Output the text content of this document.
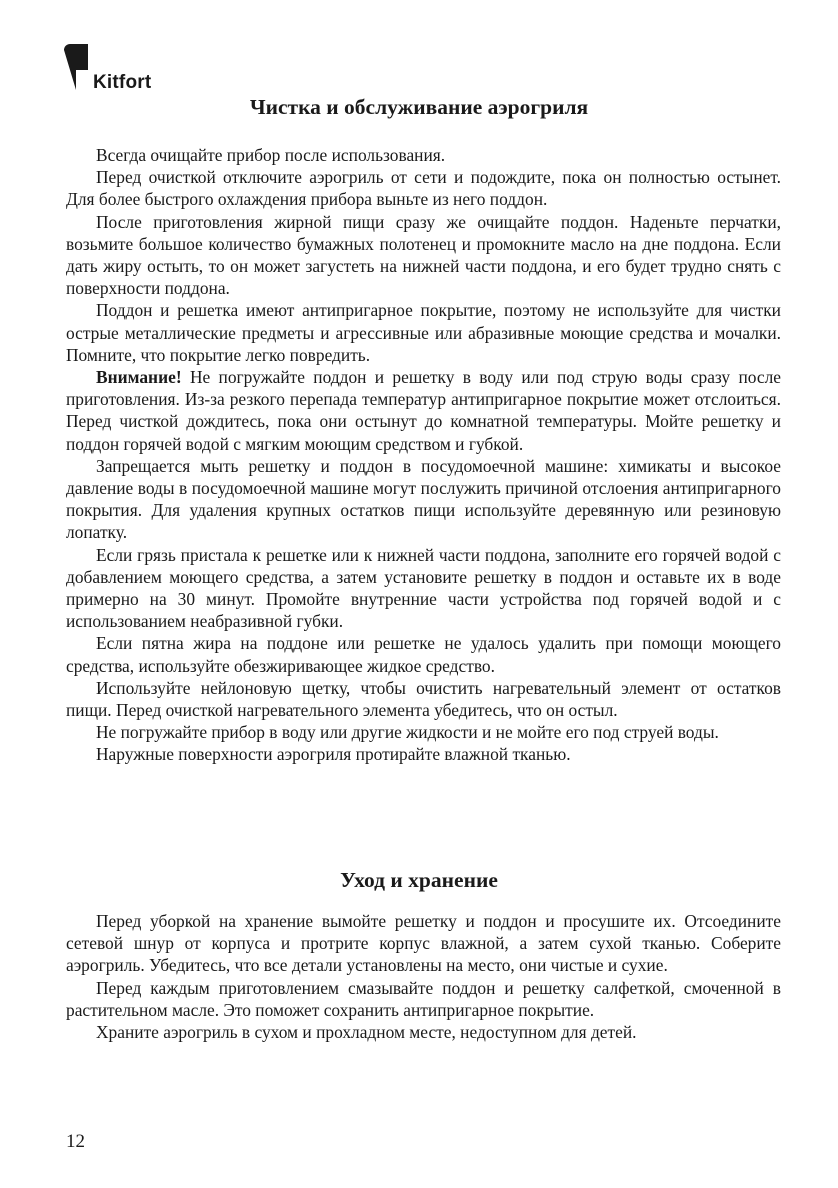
Kitfort
Чистка и обслуживание аэрогриля

Всегда очищайте прибор после использования.

Перед очисткой отключите аэрогриль от сети и подождите, пока он полностью остынет. Для более быстрого охлаждения прибора выньте из него поддон.

После приготовления жирной пищи сразу же очищайте поддон. Наденьте перчатки, возьмите большое количество бумажных полотенец и промокните масло на дне поддона. Если дать жиру остыть, то он может загустеть на нижней части поддона, и его будет трудно снять с поверхности поддона.

Поддон и решетка имеют антипригарное покрытие, поэтому не используйте для чистки острые металлические предметы и агрессивные или абразивные моющие средства и мочалки. Помните, что покрытие легко повредить.

Внимание! Не погружайте поддон и решетку в воду или под струю воды сразу после приготовления. Из-за резкого перепада температур антипригарное покрытие может отслоиться. Перед чисткой дождитесь, пока они остынут до комнатной температуры. Мойте решетку и поддон горячей водой с мягким моющим средством и губкой.

Запрещается мыть решетку и поддон в посудомоечной машине: химикаты и высокое давление воды в посудомоечной машине могут послужить причиной отслоения антипригарного покрытия. Для удаления крупных остатков пищи используйте деревянную или резиновую лопатку.

Если грязь пристала к решетке или к нижней части поддона, заполните его горячей водой с добавлением моющего средства, а затем установите решетку в поддон и оставьте их в воде примерно на 30 минут. Промойте внутренние части устройства под горячей водой и с использованием неабразивной губки.

Если пятна жира на поддоне или решетке не удалось удалить при помощи моющего средства, используйте обезжиривающее жидкое средство.

Используйте нейлоновую щетку, чтобы очистить нагревательный элемент от остатков пищи. Перед очисткой нагревательного элемента убедитесь, что он остыл.

Не погружайте прибор в воду или другие жидкости и не мойте его под струей воды.

Наружные поверхности аэрогриля протирайте влажной тканью.

Уход и хранение

Перед уборкой на хранение вымойте решетку и поддон и просушите их. Отсоедините сетевой шнур от корпуса и протрите корпус влажной, а затем сухой тканью. Соберите аэрогриль. Убедитесь, что все детали установлены на место, они чистые и сухие.

Перед каждым приготовлением смазывайте поддон и решетку салфеткой, смоченной в растительном масле. Это поможет сохранить антипригарное покрытие.

Храните аэрогриль в сухом и прохладном месте, недоступном для детей.

12
